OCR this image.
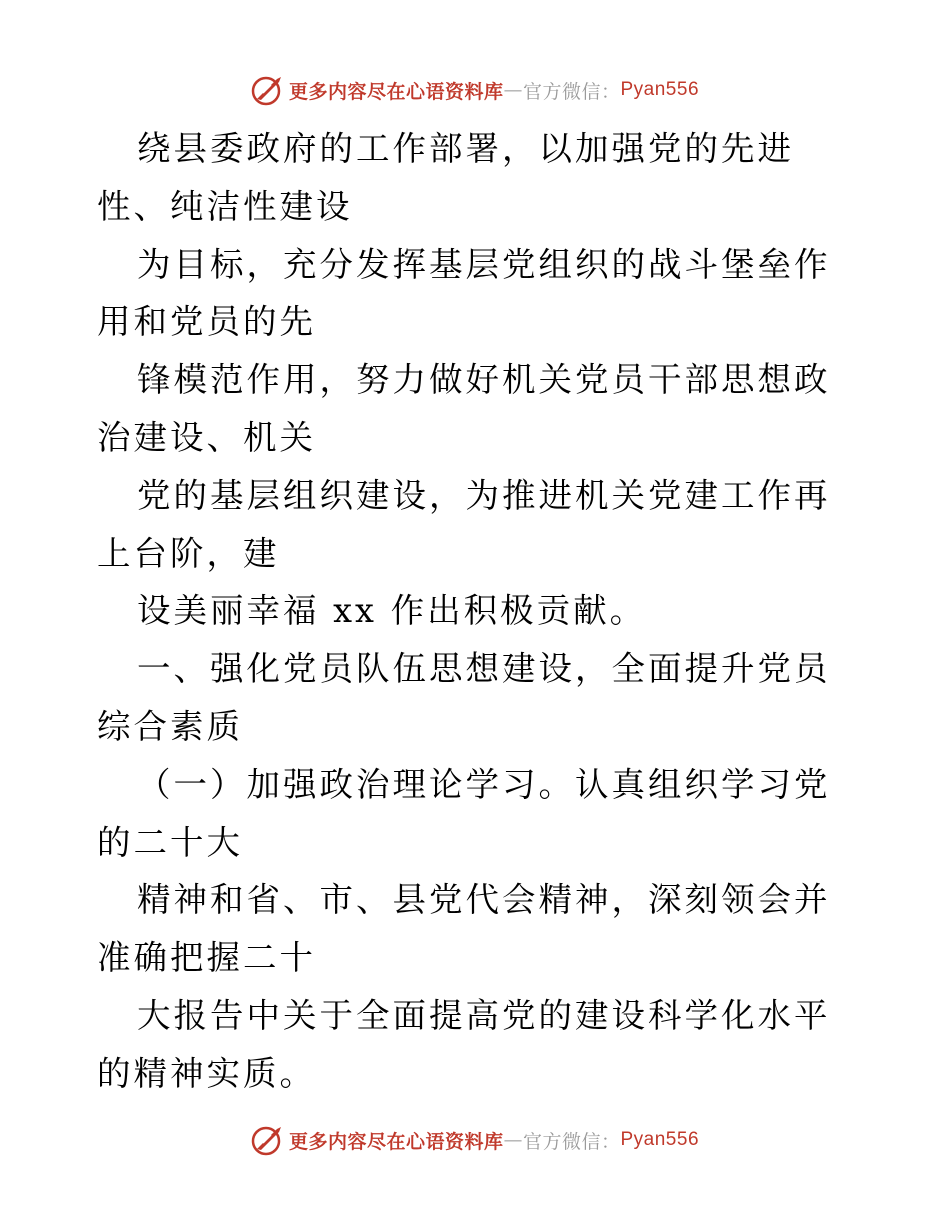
更多内容尽在心语资料库 — 官方微信： Pyan556

绕县委政府的工作部署，以加强党的先进性、纯洁性建设

为目标，充分发挥基层党组织的战斗堡垒作用和党员的先

锋模范作用，努力做好机关党员干部思想政治建设、机关

党的基层组织建设，为推进机关党建工作再上台阶，建

设美丽幸福 xx 作出积极贡献。

一、强化党员队伍思想建设，全面提升党员综合素质

（一）加强政治理论学习。认真组织学习党的二十大

精神和省、市、县党代会精神，深刻领会并准确把握二十

大报告中关于全面提高党的建设科学化水平的精神实质。

更多内容尽在心语资料库 — 官方微信： Pyan556
